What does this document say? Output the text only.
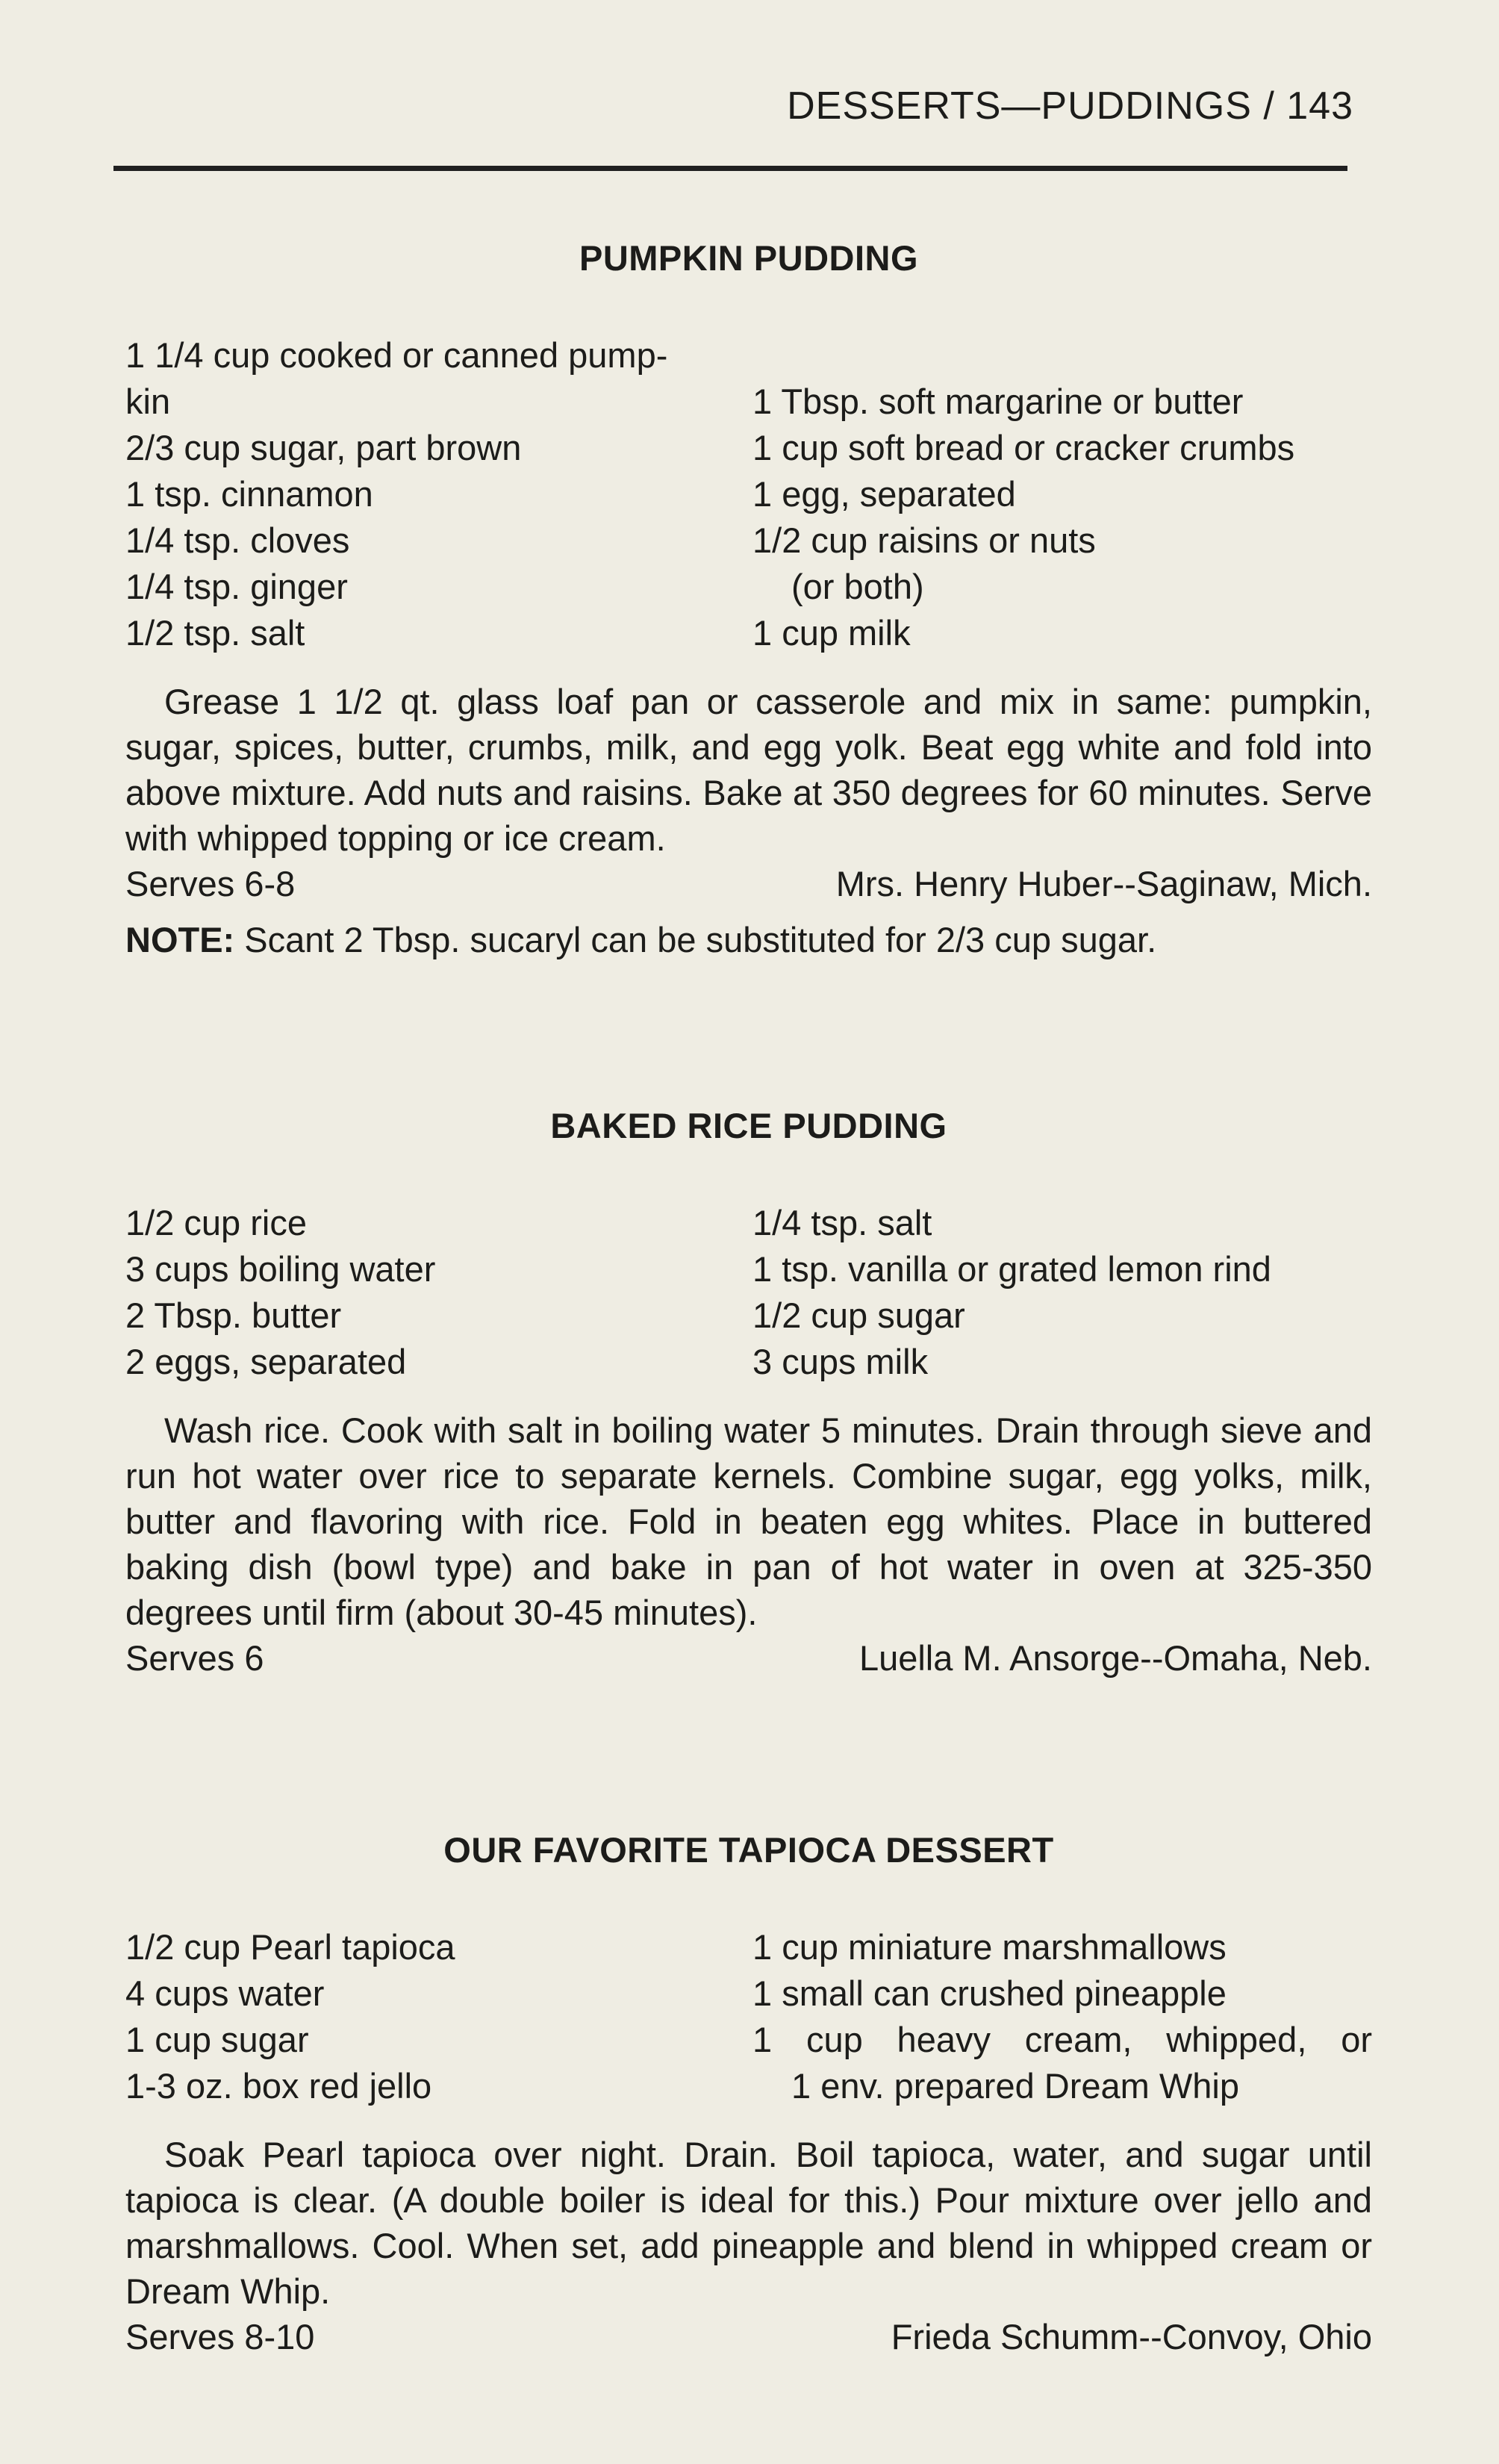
DESSERTS—PUDDINGS / 143
PUMPKIN PUDDING
1 1/4 cup cooked or canned pump-
kin
2/3 cup sugar, part brown
1 tsp. cinnamon
1/4 tsp. cloves
1/4 tsp. ginger
1/2 tsp. salt

1 Tbsp. soft margarine or butter
1 cup soft bread or cracker crumbs
1 egg, separated
1/2 cup raisins or nuts
(or both)
1 cup milk

Grease 1 1/2 qt. glass loaf pan or casserole and mix in same: pumpkin, sugar, spices, butter, crumbs, milk, and egg yolk. Beat egg white and fold into above mixture. Add nuts and raisins. Bake at 350 degrees for 60 minutes. Serve with whipped topping or ice cream.

Serves 6-8	Mrs. Henry Huber--Saginaw, Mich.
NOTE: Scant 2 Tbsp. sucaryl can be substituted for 2/3 cup sugar.
BAKED RICE PUDDING
1/2 cup rice
3 cups boiling water
2 Tbsp. butter
2 eggs, separated
1/4 tsp. salt
1 tsp. vanilla or grated lemon rind
1/2 cup sugar
3 cups milk

Wash rice. Cook with salt in boiling water 5 minutes. Drain through sieve and run hot water over rice to separate kernels. Combine sugar, egg yolks, milk, butter and flavoring with rice. Fold in beaten egg whites. Place in buttered baking dish (bowl type) and bake in pan of hot water in oven at 325-350 degrees until firm (about 30-45 minutes).

Serves 6	Luella M. Ansorge--Omaha, Neb.
OUR FAVORITE TAPIOCA DESSERT
1/2 cup Pearl tapioca
4 cups water
1 cup sugar
1-3 oz. box red jello
1 cup miniature marshmallows
1 small can crushed pineapple
1 cup heavy cream, whipped, or
1 env. prepared Dream Whip

Soak Pearl tapioca over night. Drain. Boil tapioca, water, and sugar until tapioca is clear. (A double boiler is ideal for this.) Pour mixture over jello and marshmallows. Cool. When set, add pineapple and blend in whipped cream or Dream Whip.

Serves 8-10	Frieda Schumm--Convoy, Ohio
